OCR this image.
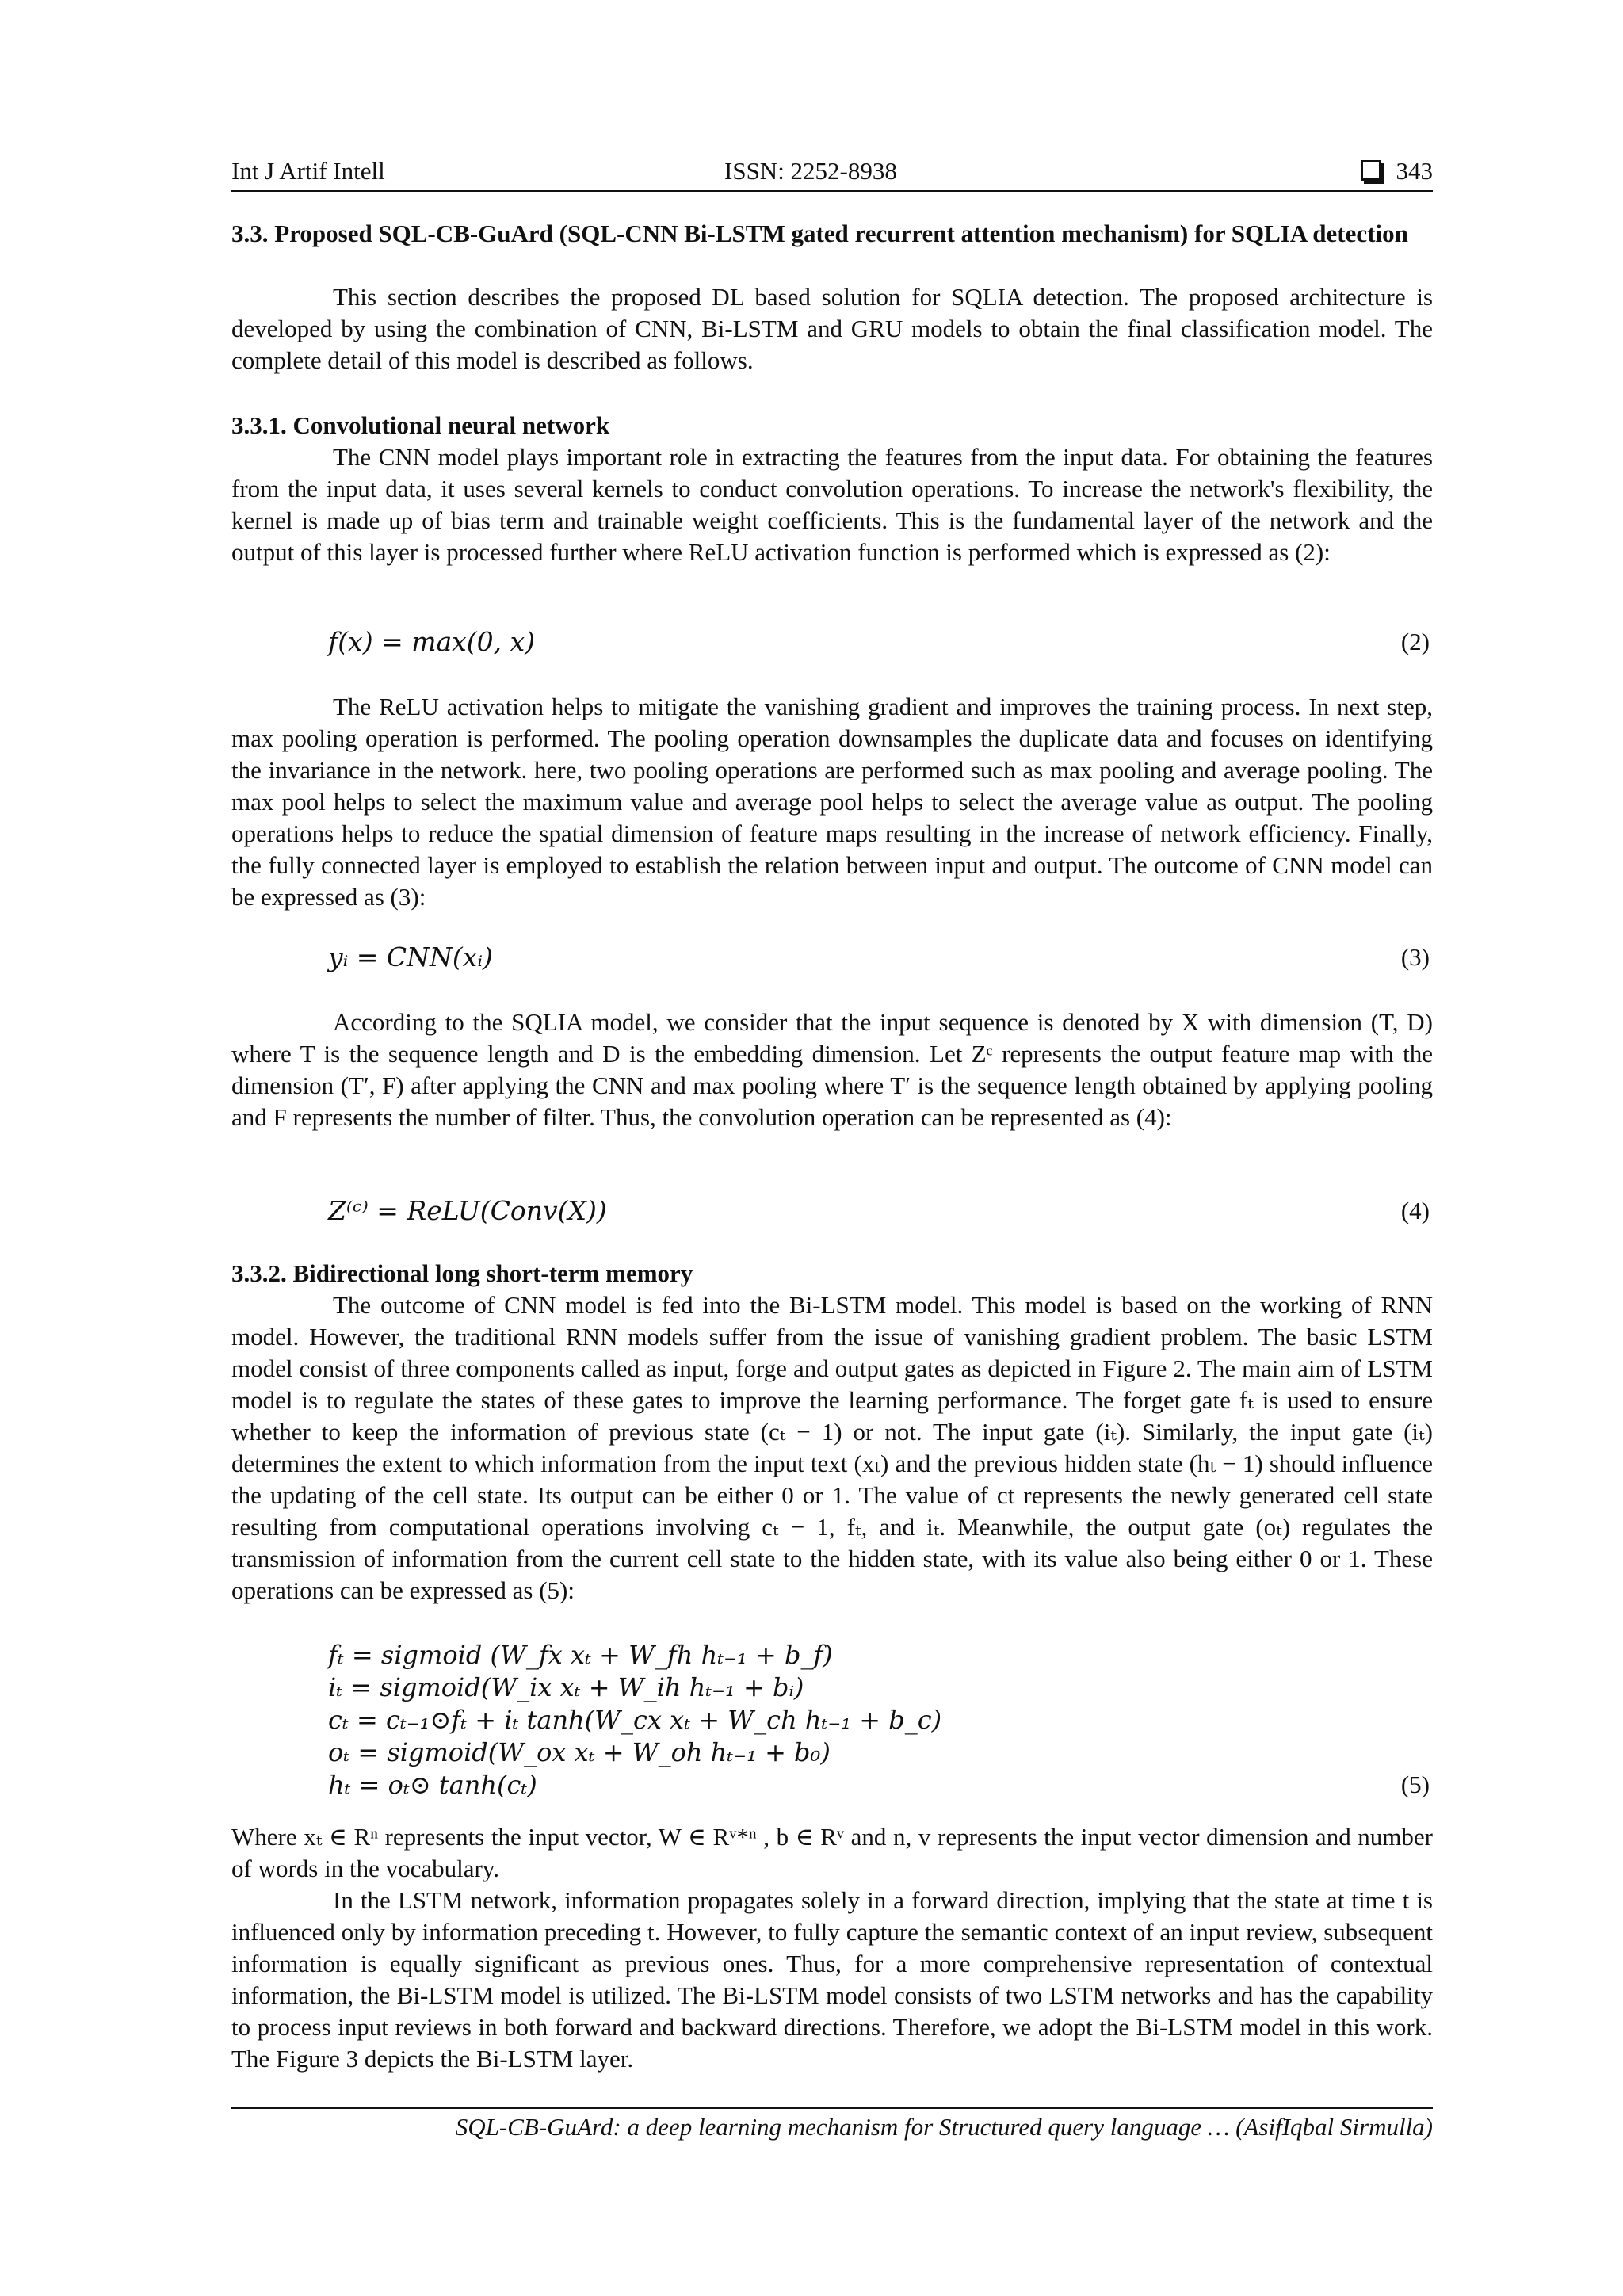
Int J Artif Intell	ISSN: 2252-8938	343

3.3. Proposed SQL-CB-GuArd (SQL-CNN Bi-LSTM gated recurrent attention mechanism) for SQLIA detection

This section describes the proposed DL based solution for SQLIA detection. The proposed architecture is developed by using the combination of CNN, Bi-LSTM and GRU models to obtain the final classification model. The complete detail of this model is described as follows.

3.3.1. Convolutional neural network

The CNN model plays important role in extracting the features from the input data. For obtaining the features from the input data, it uses several kernels to conduct convolution operations. To increase the network's flexibility, the kernel is made up of bias term and trainable weight coefficients. This is the fundamental layer of the network and the output of this layer is processed further where ReLU activation function is performed which is expressed as (2):

f(x) = max(0, x)	(2)

The ReLU activation helps to mitigate the vanishing gradient and improves the training process. In next step, max pooling operation is performed. The pooling operation downsamples the duplicate data and focuses on identifying the invariance in the network. here, two pooling operations are performed such as max pooling and average pooling. The max pool helps to select the maximum value and average pool helps to select the average value as output. The pooling operations helps to reduce the spatial dimension of feature maps resulting in the increase of network efficiency. Finally, the fully connected layer is employed to establish the relation between input and output. The outcome of CNN model can be expressed as (3):

yᵢ = CNN(xᵢ)	(3)

According to the SQLIA model, we consider that the input sequence is denoted by X with dimension (T, D) where T is the sequence length and D is the embedding dimension. Let Zᶜ represents the output feature map with the dimension (T′, F) after applying the CNN and max pooling where T′ is the sequence length obtained by applying pooling and F represents the number of filter. Thus, the convolution operation can be represented as (4):

Z⁽ᶜ⁾ = ReLU(Conv(X))	(4)

3.3.2. Bidirectional long short-term memory

The outcome of CNN model is fed into the Bi-LSTM model. This model is based on the working of RNN model. However, the traditional RNN models suffer from the issue of vanishing gradient problem. The basic LSTM model consist of three components called as input, forge and output gates as depicted in Figure 2. The main aim of LSTM model is to regulate the states of these gates to improve the learning performance. The forget gate fₜ is used to ensure whether to keep the information of previous state (cₜ − 1) or not. The input gate (iₜ). Similarly, the input gate (iₜ) determines the extent to which information from the input text (xₜ) and the previous hidden state (hₜ − 1) should influence the updating of the cell state. Its output can be either 0 or 1. The value of ct represents the newly generated cell state resulting from computational operations involving cₜ − 1, fₜ, and iₜ. Meanwhile, the output gate (oₜ) regulates the transmission of information from the current cell state to the hidden state, with its value also being either 0 or 1. These operations can be expressed as (5):

fₜ = sigmoid (W_fx xₜ + W_fh hₜ₋₁ + b_f)
iₜ = sigmoid(W_ix xₜ + W_ih hₜ₋₁ + bᵢ)
cₜ = cₜ₋₁⊙fₜ + iₜ tanh(W_cx xₜ + W_ch hₜ₋₁ + b_c)
oₜ = sigmoid(W_ox xₜ + W_oh hₜ₋₁ + b₀)
hₜ = oₜ⊙ tanh(cₜ)	(5)

Where xₜ ∈ Rⁿ represents the input vector, W ∈ Rᵛ*ⁿ , b ∈ Rᵛ and n, v represents the input vector dimension and number of words in the vocabulary.

In the LSTM network, information propagates solely in a forward direction, implying that the state at time t is influenced only by information preceding t. However, to fully capture the semantic context of an input review, subsequent information is equally significant as previous ones. Thus, for a more comprehensive representation of contextual information, the Bi-LSTM model is utilized. The Bi-LSTM model consists of two LSTM networks and has the capability to process input reviews in both forward and backward directions. Therefore, we adopt the Bi-LSTM model in this work. The Figure 3 depicts the Bi-LSTM layer.

SQL-CB-GuArd: a deep learning mechanism for Structured query language … (AsifIqbal Sirmulla)
